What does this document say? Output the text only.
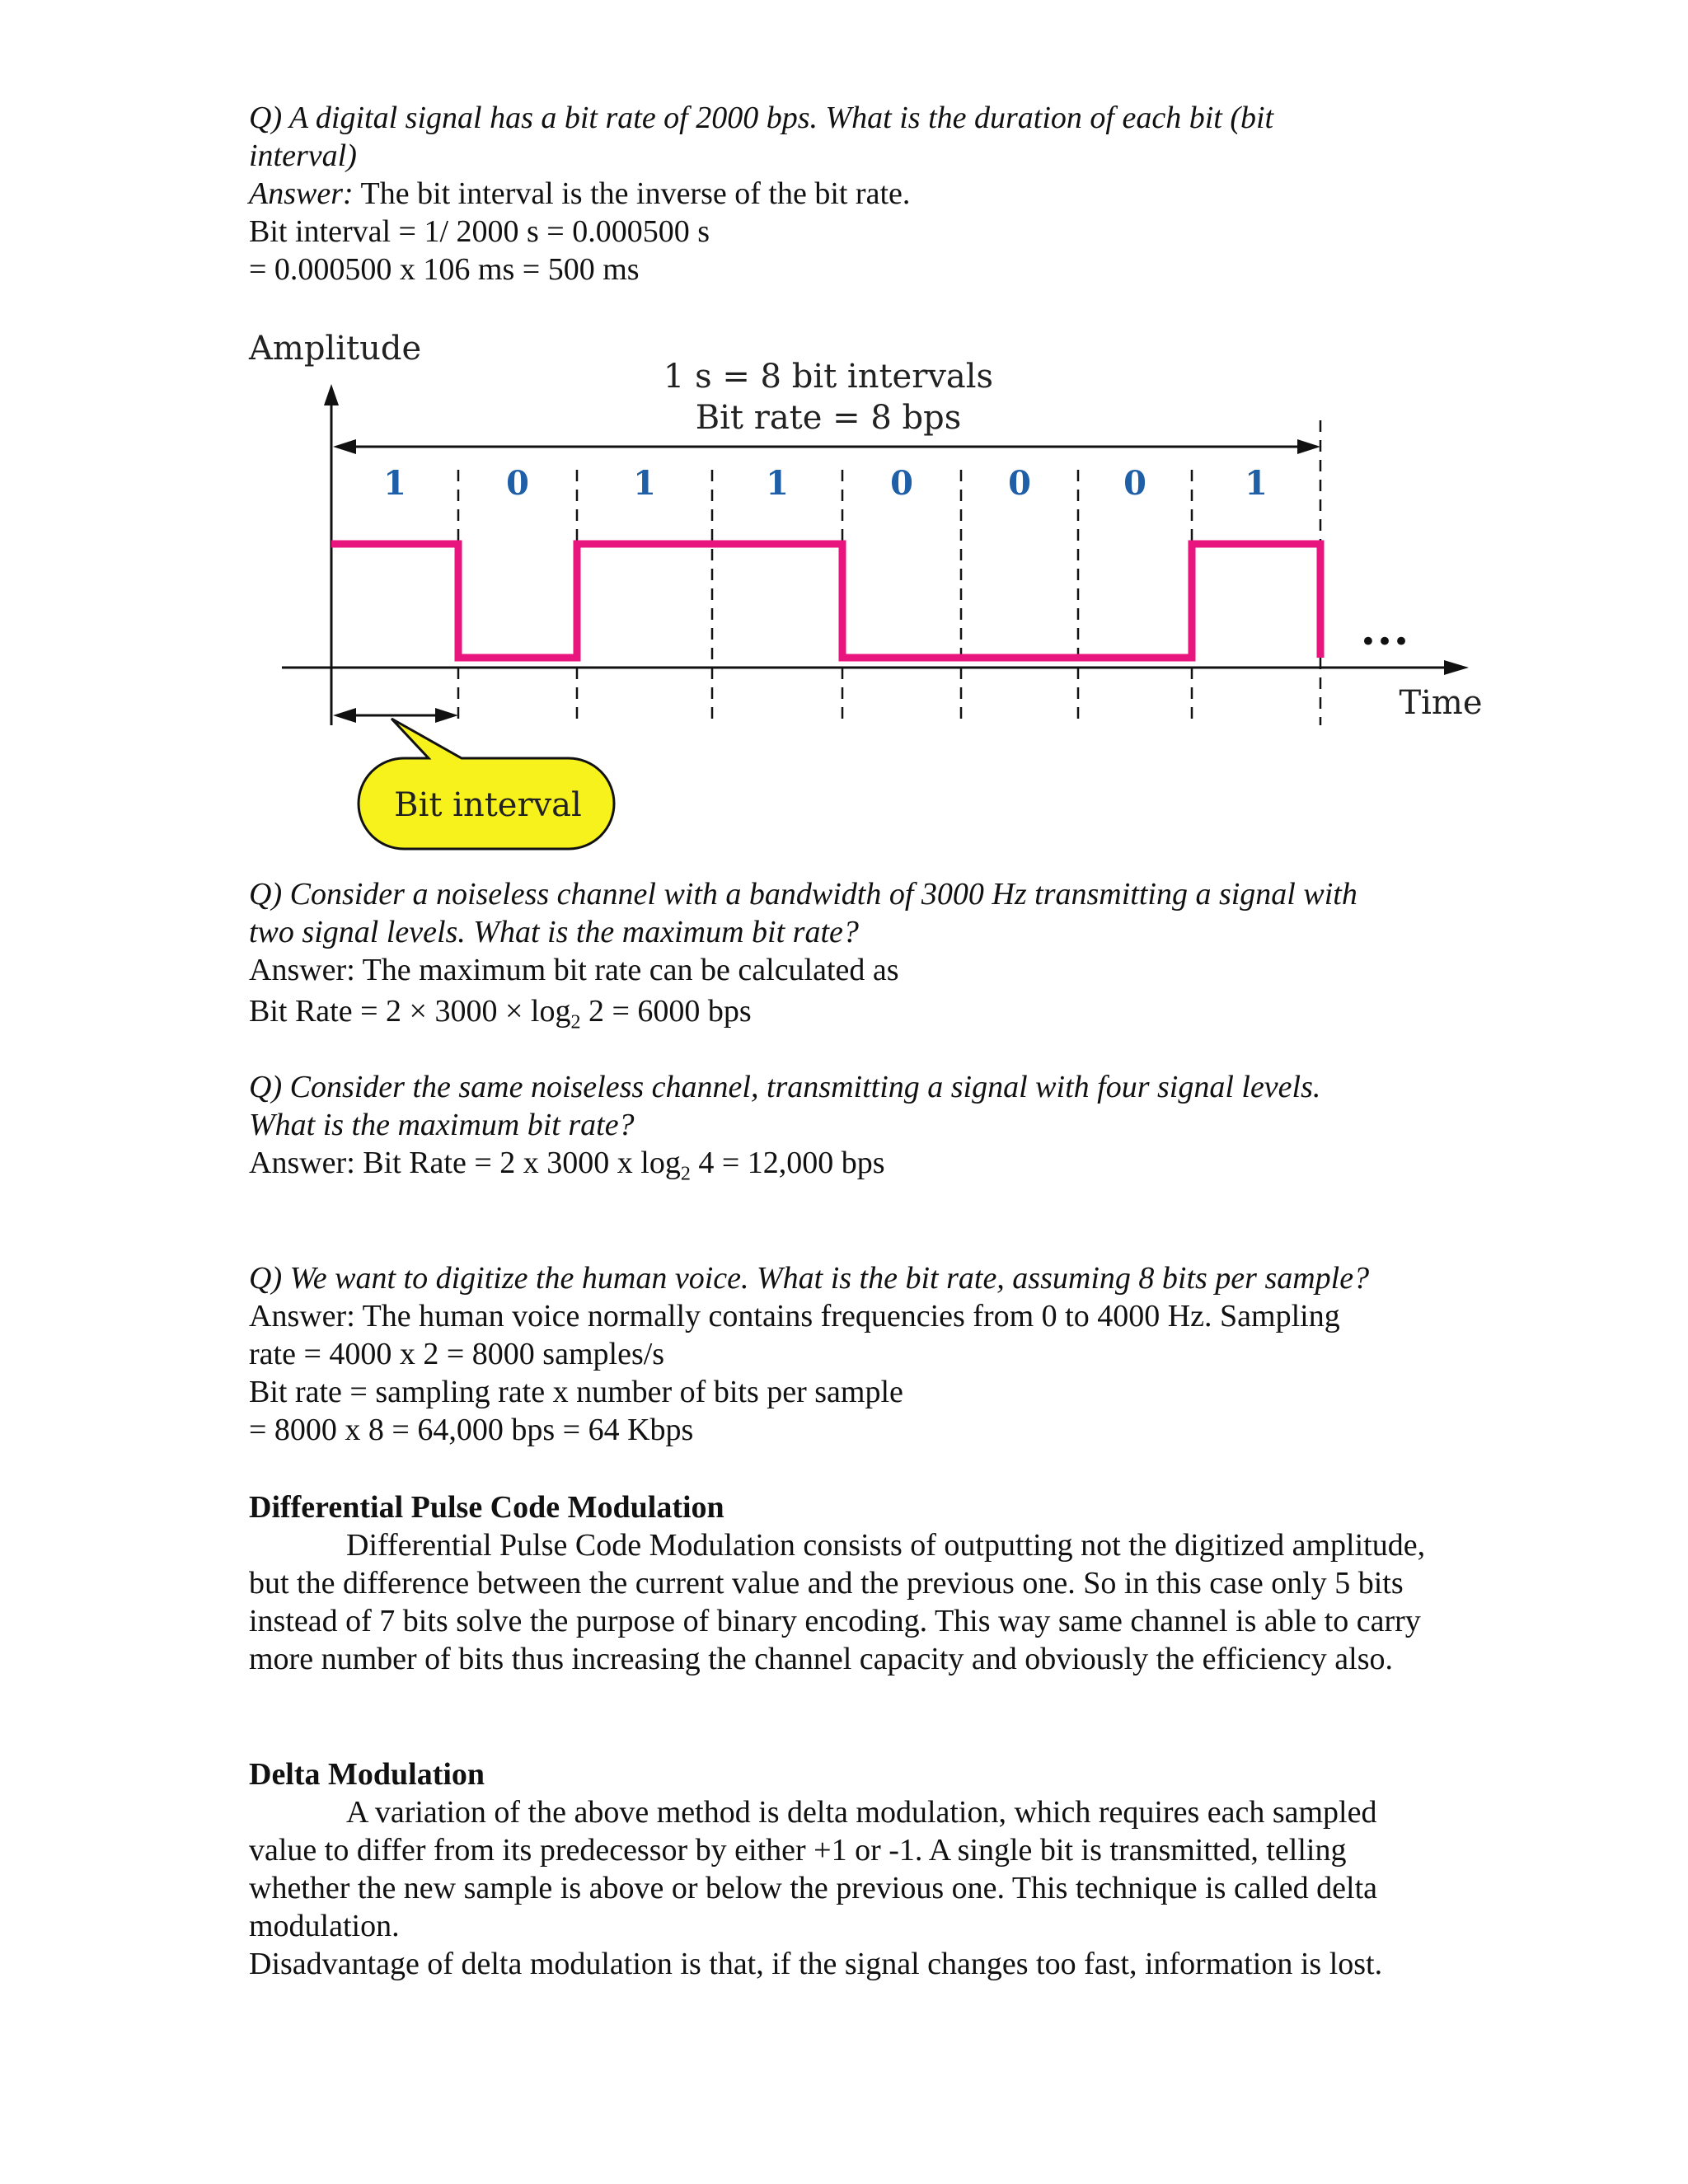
Q) A digital signal has a bit rate of 2000 bps. What is the duration of each bit (bit

interval)

Answer: The bit interval is the inverse of the bit rate.

Bit interval = 1/ 2000 s = 0.000500 s

= 0.000500 x 106 ms = 500 ms

Amplitude
1 s = 8 bit intervals
Bit rate = 8 bps
Time
1	0	1	1	0	0	0	1
•••
Bit interval

Q) Consider a noiseless channel with a bandwidth of 3000 Hz transmitting a signal with

two signal levels. What is the maximum bit rate?

Answer: The maximum bit rate can be calculated as

Bit Rate = $2 \times 3000 \times \log_2 2 = 6000$ bps

Q) Consider the same noiseless channel, transmitting a signal with four signal levels.

What is the maximum bit rate?

Answer: Bit Rate = 2 x 3000 x $\log_2 4 = 12,000$ bps

Q) We want to digitize the human voice. What is the bit rate, assuming 8 bits per sample?

Answer: The human voice normally contains frequencies from 0 to 4000 Hz. Sampling

rate = 4000 x 2 = 8000 samples/s

Bit rate = sampling rate x number of bits per sample

= 8000 x 8 = 64,000 bps = 64 Kbps

Differential Pulse Code Modulation

Differential Pulse Code Modulation consists of outputting not the digitized amplitude, but the difference between the current value and the previous one. So in this case only 5 bits instead of 7 bits solve the purpose of binary encoding. This way same channel is able to carry more number of bits thus increasing the channel capacity and obviously the efficiency also.

Delta Modulation

A variation of the above method is delta modulation, which requires each sampled value to differ from its predecessor by either +1 or -1. A single bit is transmitted, telling whether the new sample is above or below the previous one. This technique is called delta modulation.

Disadvantage of delta modulation is that, if the signal changes too fast, information is lost.
